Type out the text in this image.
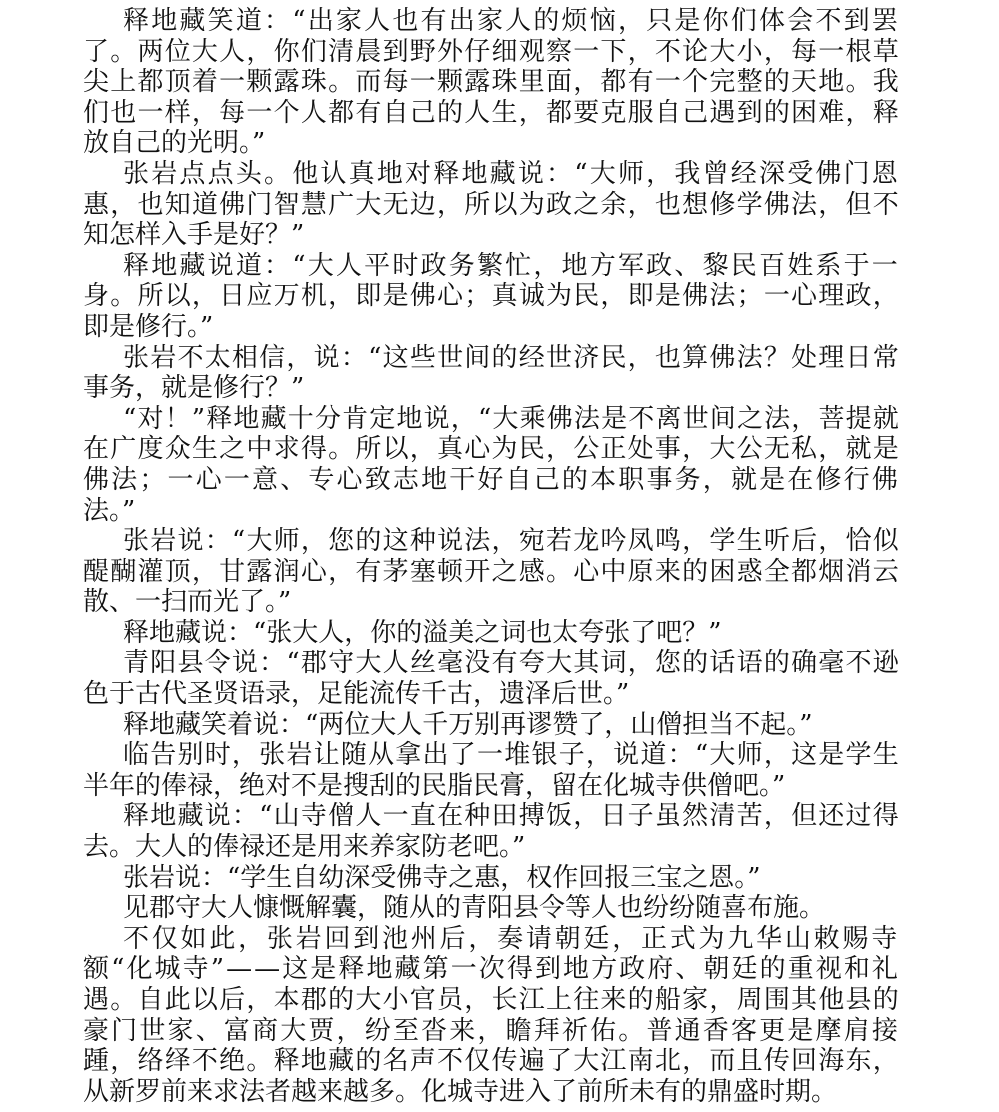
释地藏笑道：“出家人也有出家人的烦恼，只是你们体会不到罢
了。两位大人，你们清晨到野外仔细观察一下，不论大小，每一根草
尖上都顶着一颗露珠。而每一颗露珠里面，都有一个完整的天地。我
们也一样，每一个人都有自己的人生，都要克服自己遇到的困难，释
放自己的光明。”
张岩点点头。他认真地对释地藏说：“大师，我曾经深受佛门恩
惠，也知道佛门智慧广大无边，所以为政之余，也想修学佛法，但不
知怎样入手是好？”
释地藏说道：“大人平时政务繁忙，地方军政、黎民百姓系于一
身。所以，日应万机，即是佛心；真诚为民，即是佛法；一心理政，
即是修行。”
张岩不太相信，说：“这些世间的经世济民，也算佛法？处理日常
事务，就是修行？”
“对！”释地藏十分肯定地说，“大乘佛法是不离世间之法，菩提就
在广度众生之中求得。所以，真心为民，公正处事，大公无私，就是
佛法；一心一意、专心致志地干好自己的本职事务，就是在修行佛
法。”
张岩说：“大师，您的这种说法，宛若龙吟凤鸣，学生听后，恰似
醍醐灌顶，甘露润心，有茅塞顿开之感。心中原来的困惑全都烟消云
散、一扫而光了。”
释地藏说：“张大人，你的溢美之词也太夸张了吧？”
青阳县令说：“郡守大人丝毫没有夸大其词，您的话语的确毫不逊
色于古代圣贤语录，足能流传千古，遗泽后世。”
释地藏笑着说：“两位大人千万别再谬赞了，山僧担当不起。”
临告别时，张岩让随从拿出了一堆银子，说道：“大师，这是学生
半年的俸禄，绝对不是搜刮的民脂民膏，留在化城寺供僧吧。”
释地藏说：“山寺僧人一直在种田搏饭，日子虽然清苦，但还过得
去。大人的俸禄还是用来养家防老吧。”
张岩说：“学生自幼深受佛寺之惠，权作回报三宝之恩。”
见郡守大人慷慨解囊，随从的青阳县令等人也纷纷随喜布施。
不仅如此，张岩回到池州后，奏请朝廷，正式为九华山敕赐寺
额“化城寺”——这是释地藏第一次得到地方政府、朝廷的重视和礼
遇。自此以后，本郡的大小官员，长江上往来的船家，周围其他县的
豪门世家、富商大贾，纷至沓来，瞻拜祈佑。普通香客更是摩肩接
踵，络绎不绝。释地藏的名声不仅传遍了大江南北，而且传回海东，
从新罗前来求法者越来越多。化城寺进入了前所未有的鼎盛时期。
